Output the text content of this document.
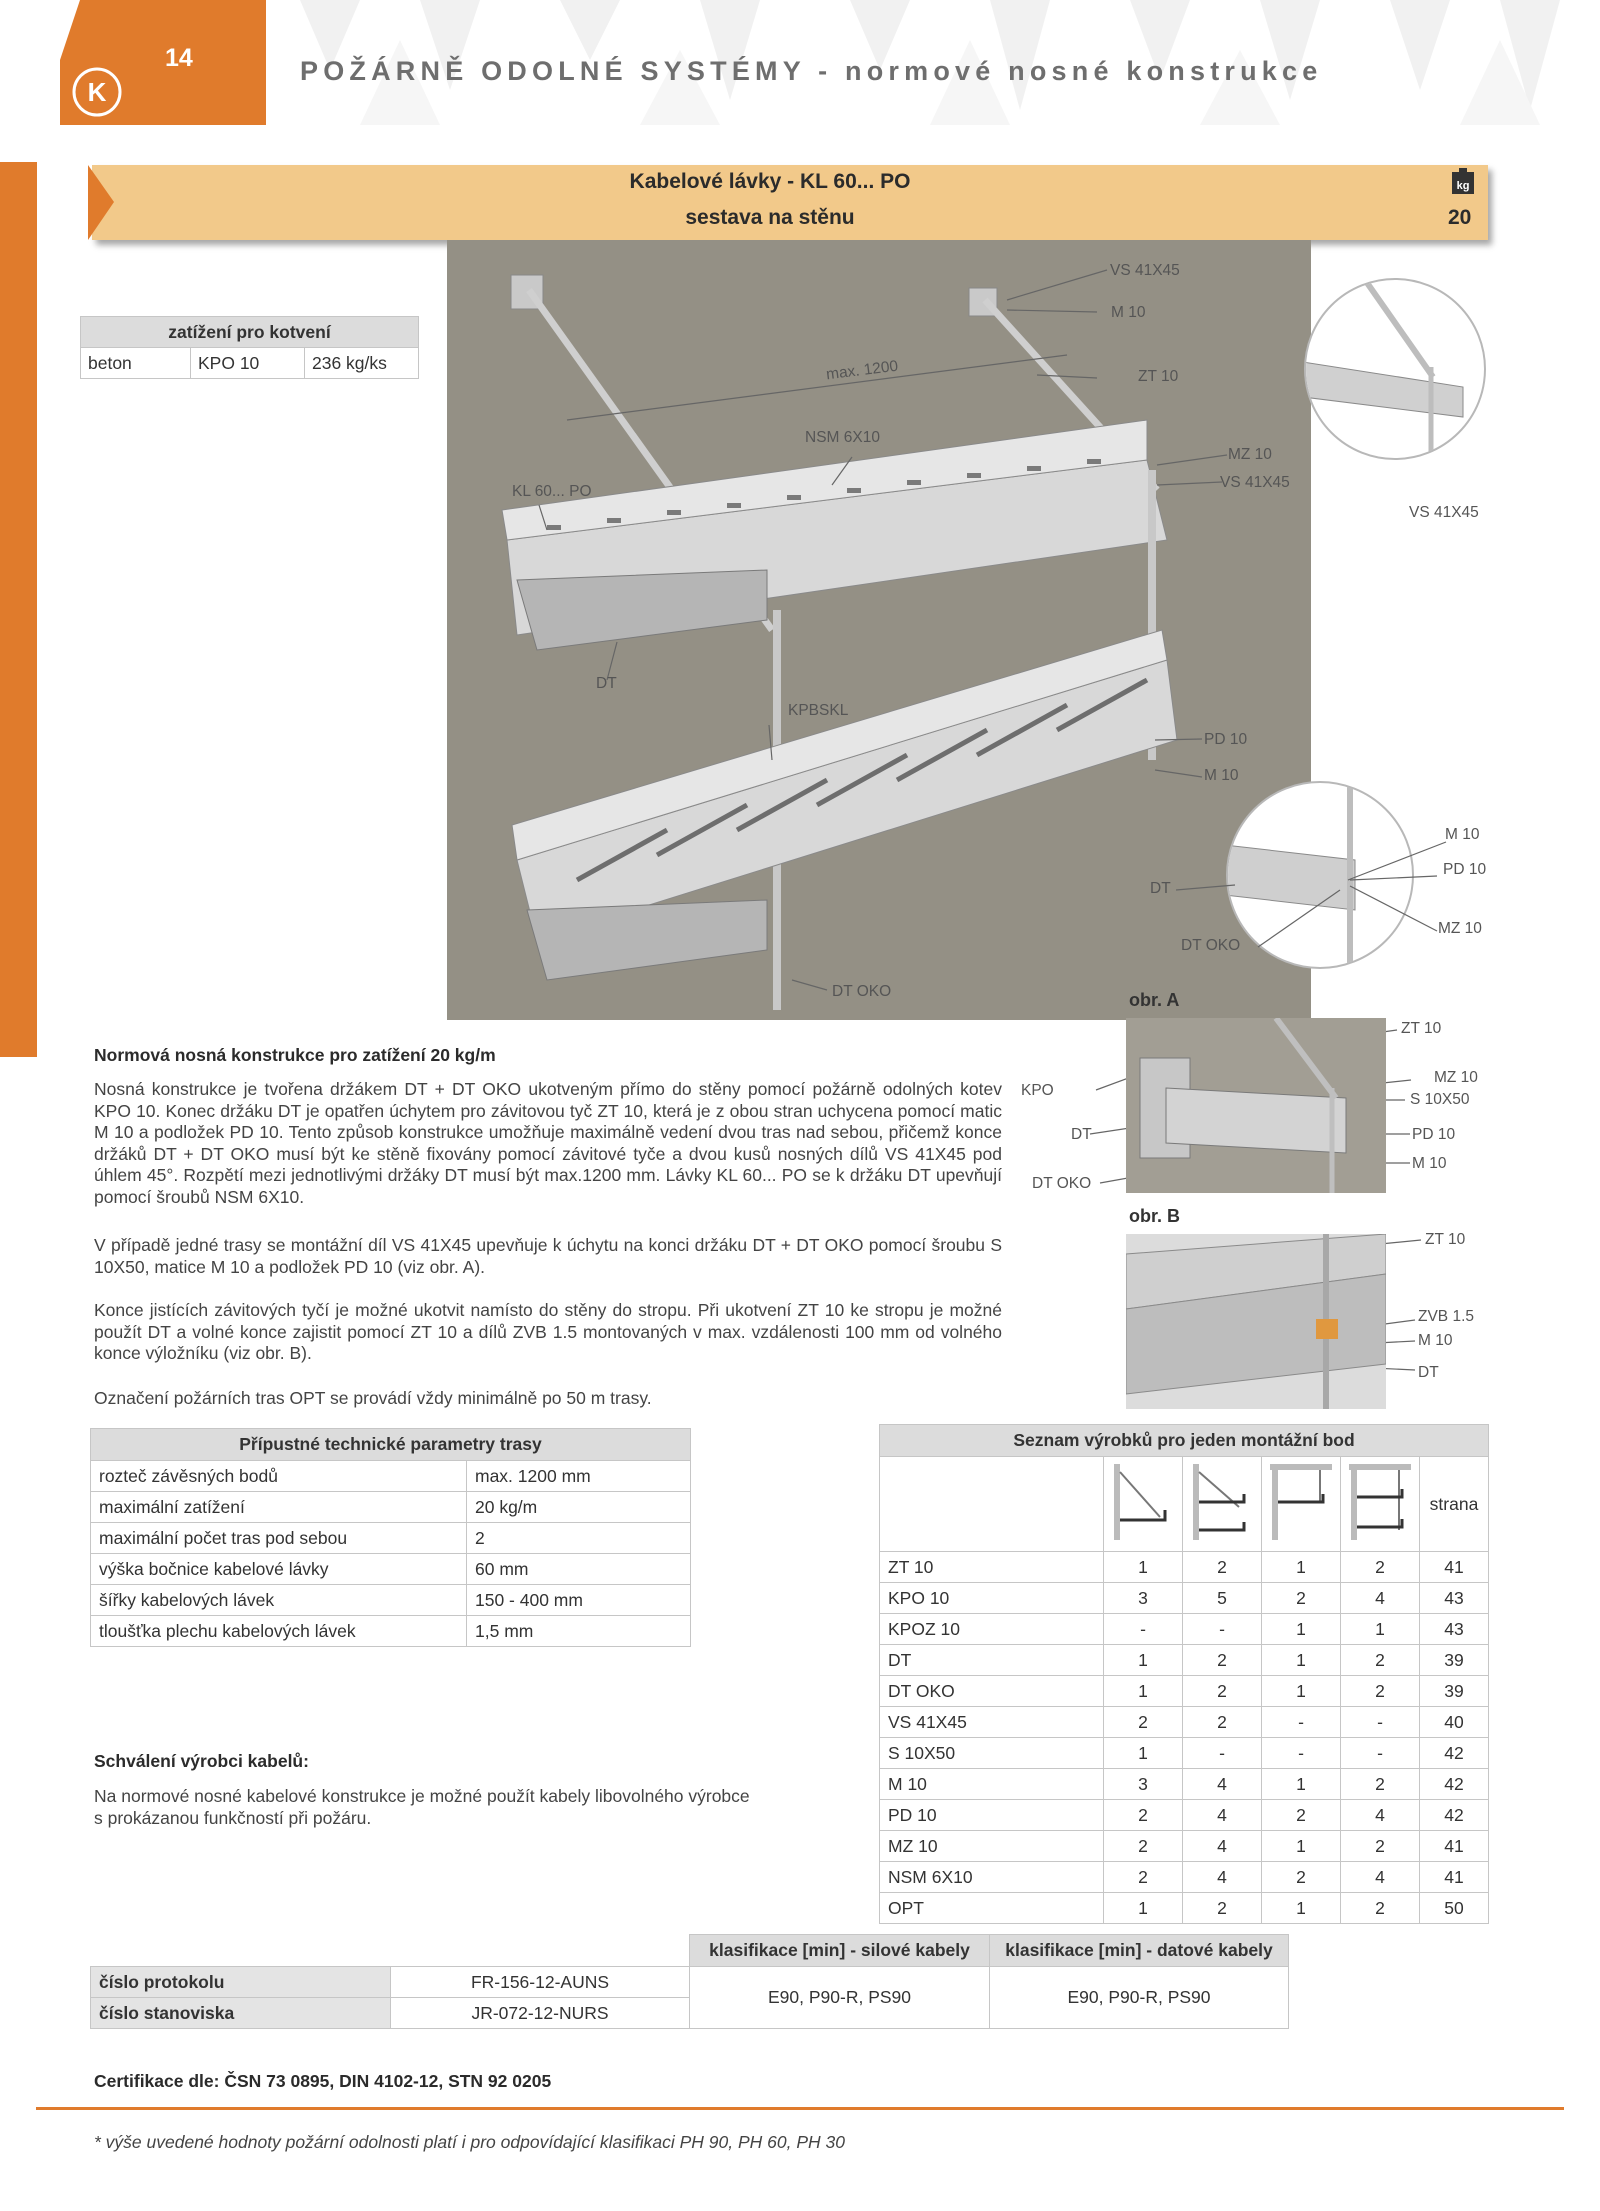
K
14	POŽÁRNĚ ODOLNÉ SYSTÉMY - normové nosné konstrukce
Kabelové lávky - KL 60... PO
sestava na stěnu
kg
20
zatížení pro kotvení
beton	KPO 10	236 kg/ks
VS 41X45
M 10
max. 1200	ZT 10
NSM 6X10
MZ 10
VS 41X45
KL 60... PO
VS 41X45
DT
KPBSKL
PD 10
M 10
M 10
PD 10
DT
MZ 10
DT OKO
DT OKO	obr. A
ZT 10
MZ 10
KPO
S 10X50
DT	PD 10
M 10
DT OKO
obr. B
ZT 10
ZVB 1.5
M 10
DT
Normová nosná konstrukce pro zatížení 20 kg/m
Nosná konstrukce je tvořena držákem DT + DT OKO ukotveným přímo do stěny pomocí požárně odolných kotev KPO 10. Konec držáku DT je opatřen úchytem pro závitovou tyč ZT 10, která je z obou stran uchycena pomocí matic M 10 a podložek PD 10. Tento způsob konstrukce umožňuje maximálně vedení dvou tras nad sebou, přičemž konce držáků DT + DT OKO musí být ke stěně fixovány pomocí závitové tyče a dvou kusů nosných dílů VS 41X45 pod úhlem 45°. Rozpětí mezi jednotlivými držáky DT musí být max.1200 mm. Lávky KL 60... PO se k držáku DT upevňují pomocí šroubů NSM 6X10.
V případě jedné trasy se montážní díl VS 41X45 upevňuje k úchytu na konci držáku DT + DT OKO pomocí šroubu S 10X50, matice M 10 a podložek PD 10 (viz obr. A).
Konce jistících závitových tyčí je možné ukotvit namísto do stěny do stropu. Při ukotvení ZT 10 ke stropu je možné použít DT a volné konce zajistit pomocí ZT 10 a dílů ZVB 1.5 montovaných v max. vzdálenosti 100 mm od volného konce výložníku (viz obr. B).
Označení požárních tras OPT se provádí vždy minimálně po 50 m trasy.
Přípustné technické parametry trasy	
rozteč závěsných bodů	max. 1200 mm
maximální zatížení	20 kg/m
maximální počet tras pod sebou	2
výška bočnice kabelové lávky	60 mm
šířky kabelových lávek	150 - 400 mm
tloušťka plechu kabelových lávek	1,5 mm
Seznam výrobků pro jeden montážní bod					
					strana
ZT 10	1	2	1	2	41
KPO 10	3	5	2	4	43
KPOZ 10	-	-	1	1	43
DT	1	2	1	2	39
DT OKO	1	2	1	2	39
VS 41X45	2	2	-	-	40
S 10X50	1	-	-	-	42
M 10	3	4	1	2	42
PD 10	2	4	2	4	42
MZ 10	2	4	1	2	41
NSM 6X10	2	4	2	4	41
OPT	1	2	1	2	50
Schválení výrobci kabelů:
Na normové nosné kabelové konstrukce je možné použít kabely libovolného výrobce
s prokázanou funkčností při požáru.
		klasifikace [min] - silové kabely	klasifikace [min] - datové kabely
číslo protokolu	FR-156-12-AUNS	E90, P90-R, PS90	E90, P90-R, PS90
číslo stanoviska	JR-072-12-NURS		
Certifikace dle: ČSN 73 0895, DIN 4102-12, STN 92 0205
* výše uvedené hodnoty požární odolnosti platí i pro odpovídající klasifikaci PH 90, PH 60, PH 30
